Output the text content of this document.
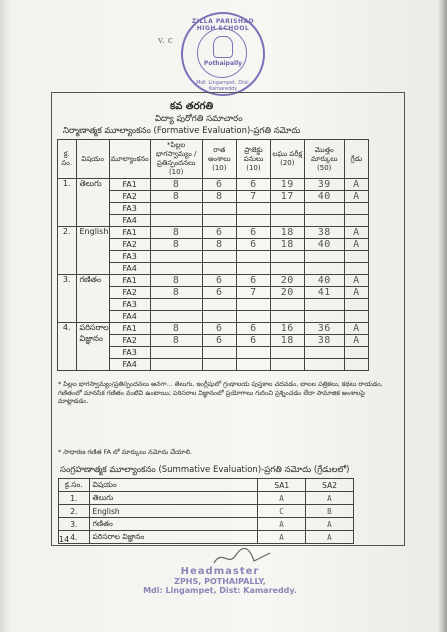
ZILLA PARISHAD HIGH SCHOOL
Pothaipally
Mdl: Lingampet, Dist: Kamareddy
v. c
కవ తరగతి
విద్యా పురోగతి సమాచారం
నిర్మాణాత్మక మూల్యాంకనం (Formative Evaluation)-ప్రగతి నమోదు
క్ర. సం.	విషయం	మూల్యాంకనం	*పిల్లల భాగస్వామ్యం / ప్రతిస్పందనలు (10)	రాత అంశాలు (10)	ప్రాజెక్టు పనులు (10)	లఘు పరీక్ష (20)	మొత్తం మార్కులు (50)	గ్రేడు
1.	తెలుగు	FA1	8	6	6	19	39	A
		FA2	8	8	7	17	40	A
		FA3						
		FA4						
2.	English	FA1	8	6	6	18	38	A
		FA2	8	8	6	18	40	A
		FA3						
		FA4						
3.	గణితం	FA1	8	6	6	20	40	A
		FA2	8	6	7	20	41	A
		FA3						
		FA4						
4.	పరిసరాల విజ్ఞానం	FA1	8	6	6	16	36	A
		FA2	8	6	6	18	38	A
		FA3						
		FA4						
* పిల్లల భాగస్వామ్యం/ప్రతిస్పందనలు అనగా... తెలుగు, ఇంగ్లీషులో గ్రంథాలయ పుస్తకాల చదవడం, బాలల పత్రికలు, కథలు రాయడం, గణితంలో మానసిక గణితం వంటివి ఉంటాయి; పరిసరాల విజ్ఞానంలో ప్రయోగాలు గురించి ప్రశ్నించడం లేదా సామాజిక అంశాలపై మాట్లాడడం.
* సాధారణ గణిత FA లో మార్కులు నమోదు చేయాలి.
సంగ్రహణాత్మక మూల్యాంకనం (Summative Evaluation)-ప్రగతి నమోదు (గ్రేడులలో)
క్ర.సం.	విషయం	SA1	SA2
1.	తెలుగు	A	A
2.	English	C	B
3.	గణితం	A	A
4.	పరిసరాల విజ్ఞానం	A	A
14
Headmaster
ZPHS, POTHAIPALLY,
Mdl: Lingampet, Dist: Kamareddy.
